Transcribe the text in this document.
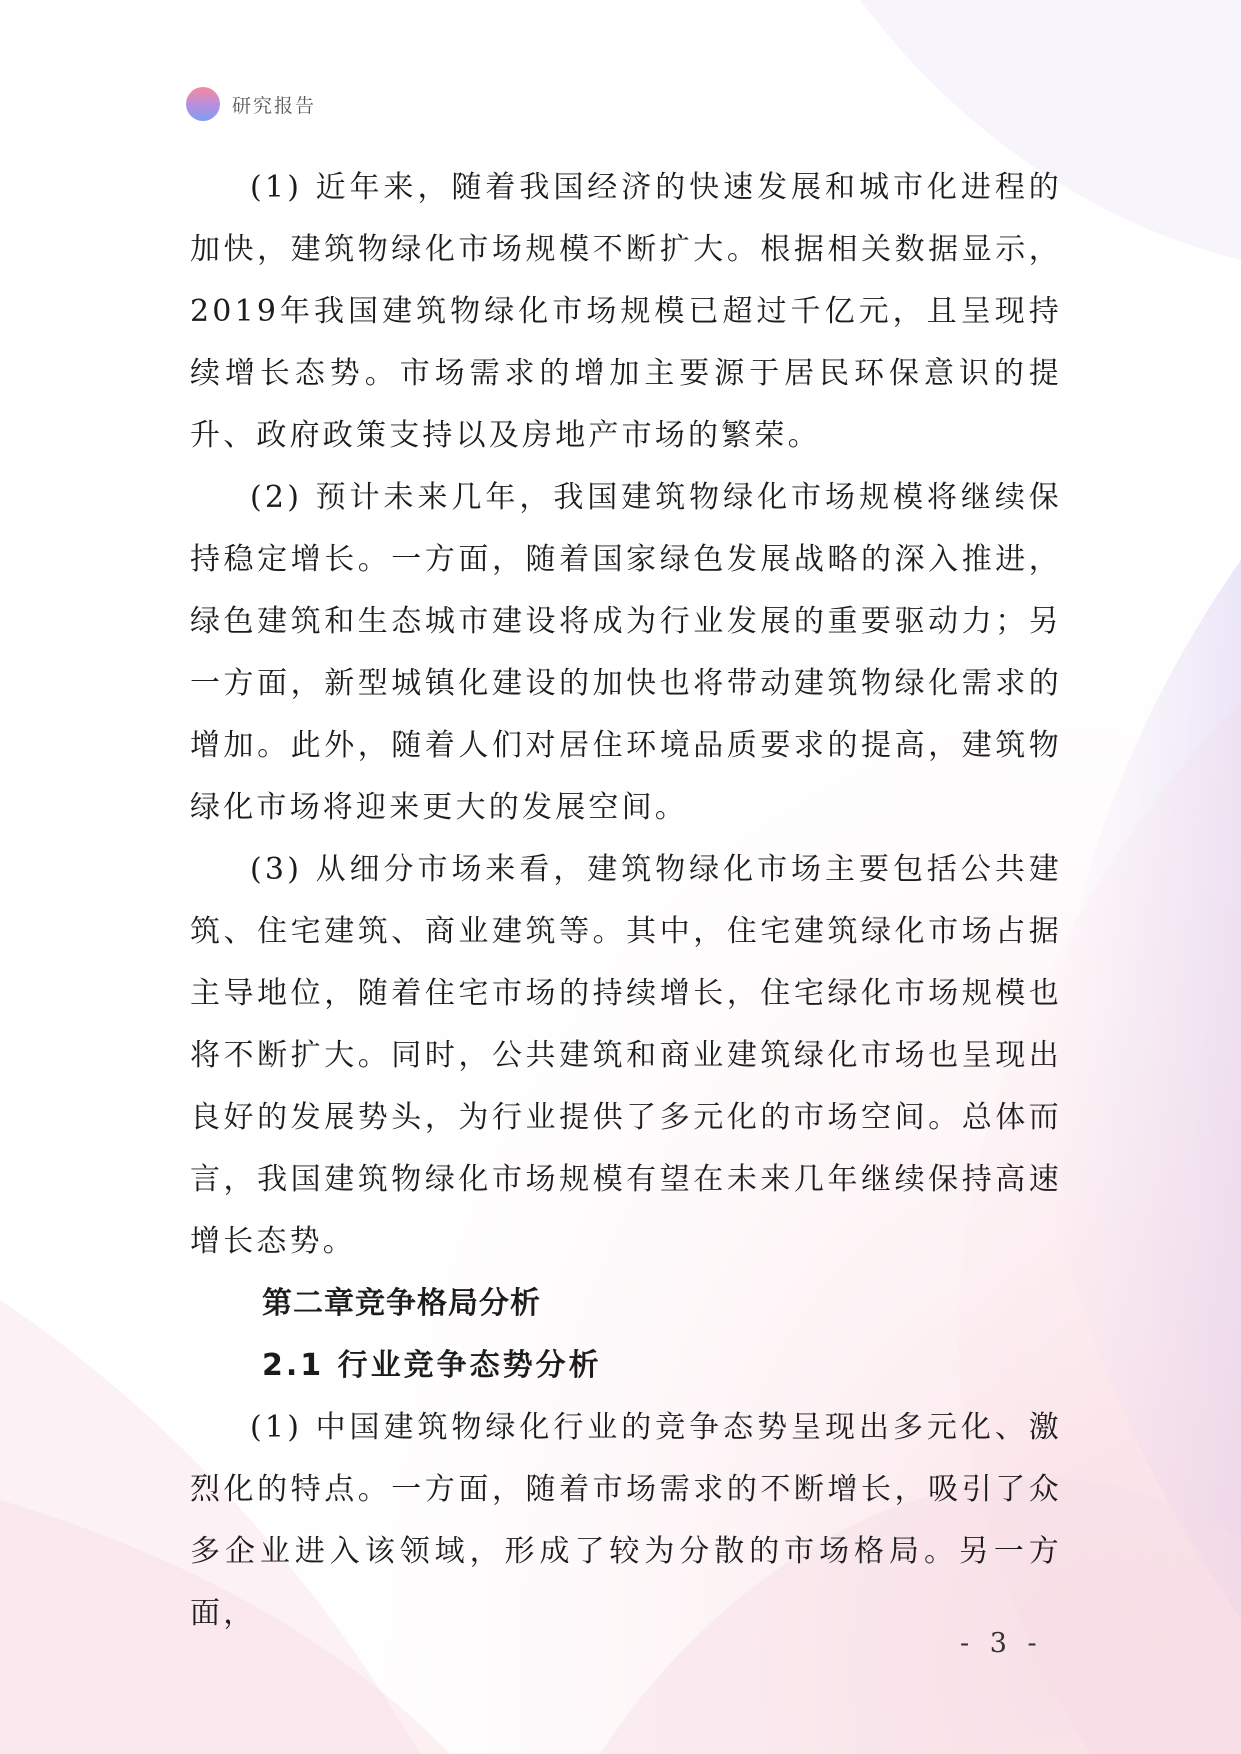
研究报告

(1) 近年来，随着我国经济的快速发展和城市化进程的加快，建筑物绿化市场规模不断扩大。根据相关数据显示，2019年我国建筑物绿化市场规模已超过千亿元，且呈现持续增长态势。市场需求的增加主要源于居民环保意识的提升、政府政策支持以及房地产市场的繁荣。

(2) 预计未来几年，我国建筑物绿化市场规模将继续保持稳定增长。一方面，随着国家绿色发展战略的深入推进，绿色建筑和生态城市建设将成为行业发展的重要驱动力；另一方面，新型城镇化建设的加快也将带动建筑物绿化需求的增加。此外，随着人们对居住环境品质要求的提高，建筑物绿化市场将迎来更大的发展空间。

(3) 从细分市场来看，建筑物绿化市场主要包括公共建筑、住宅建筑、商业建筑等。其中，住宅建筑绿化市场占据主导地位，随着住宅市场的持续增长，住宅绿化市场规模也将不断扩大。同时，公共建筑和商业建筑绿化市场也呈现出良好的发展势头，为行业提供了多元化的市场空间。总体而言，我国建筑物绿化市场规模有望在未来几年继续保持高速增长态势。

第二章竞争格局分析
2.1 行业竞争态势分析

(1) 中国建筑物绿化行业的竞争态势呈现出多元化、激烈化的特点。一方面，随着市场需求的不断增长，吸引了众多企业进入该领域，形成了较为分散的市场格局。另一方面，

- 3 -
